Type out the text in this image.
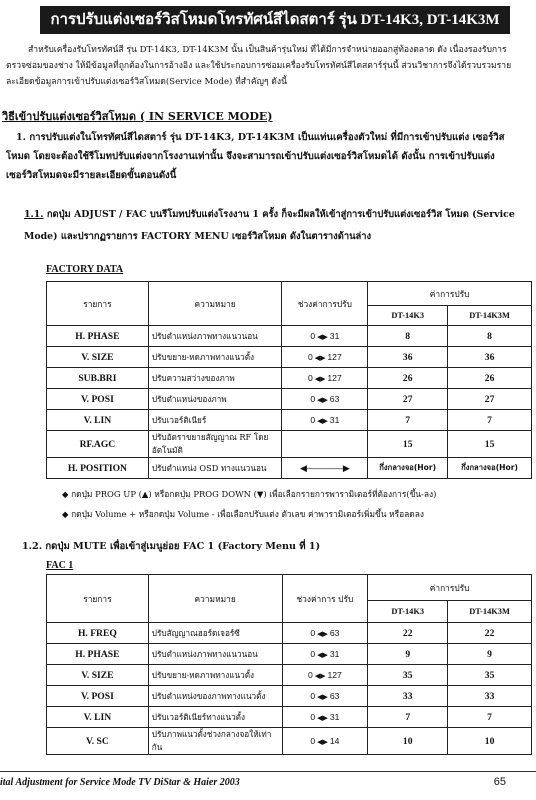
การปรับแต่งเซอร์วิสโหมดโทรทัศน์สีไดสตาร์ รุ่น DT-14K3, DT-14K3M
สำหรับเครื่องรับโทรทัศน์สี รุ่น DT-14K3, DT-14K3M นั้น เป็นสินค้ารุ่นใหม่ ที่ได้มีการจำหน่ายออกสู่ท้องตลาด ดัง เนื่องรองรับการตรวจซ่อมของช่าง ให้มีข้อมูลที่ถูกต้องในการอ้างอิง และใช้ประกอบการซ่อมเครื่องรับโทรทัศน์สีไดสตาร์รุ่นนี้ ส่วนวิชาการจึงได้รวบรวมรายละเอียดข้อมูลการเข้าปรับแต่งเซอร์วิสโหมด(Service Mode) ที่สำคัญๆ ดังนี้
วิธีเข้าปรับแต่งเซอร์วิสโหมด ( IN SERVICE MODE)
1. การปรับแต่งในโทรทัศน์สีไดสตาร์ รุ่น DT-14K3, DT-14K3M เป็นแท่นเครื่องตัวใหม่ ที่มีการเข้าปรับแต่ง เซอร์วิสโหมด โดยจะต้องใช้รีโมทปรับแต่งจากโรงงานเท่านั้น จึงจะสามารถเข้าปรับแต่งเซอร์วิสโหมดได้ ดังนั้น การเข้าปรับแต่งเซอร์วิสโหมดจะมีรายละเอียดขั้นตอนดังนี้
1.1. กดปุ่ม ADJUST / FAC บนรีโมทปรับแต่งโรงงาน 1 ครั้ง ก็จะมีผลให้เข้าสู่การเข้าปรับแต่งเซอร์วิส โหมด (Service Mode) และปรากฏรายการ FACTORY MENU เซอร์วิสโหมด ดังในตารางด้านล่าง
FACTORY DATA
รายการ	ความหมาย	ช่วงค่าการปรับ	ค่าการปรับ	
			DT-14K3	DT-14K3M
H. PHASE	ปรับตำแหน่งภาพทางแนวนอน	0 ◀▶ 31	8	8
V. SIZE	ปรับขยาย-หดภาพทางแนวตั้ง	0 ◀▶ 127	36	36
SUB.BRI	ปรับความสว่างของภาพ	0 ◀▶ 127	26	26
V. POSI	ปรับตำแหน่งของภาพ	0 ◀▶ 63	27	27
V. LIN	ปรับเวอร์ติเนียร์	0 ◀▶ 31	7	7
RF.AGC	ปรับอัตราขยายสัญญาณ RF โดยอัตโนมัติ		15	15
H. POSITION	ปรับตำแหน่ง OSD ทางแนวนอน	◀————▶	กึ่งกลางจอ(Hor)	กึ่งกลางจอ(Hor)
◆ กดปุ่ม PROG UP (▲) หรือกดปุ่ม PROG DOWN (▼) เพื่อเลือกรายการพารามิเตอร์ที่ต้องการ(ขึ้น-ลง)
◆ กดปุ่ม Volume + หรือกดปุ่ม Volume - เพื่อเลือกปรับแต่ง ตัวเลข ค่าพารามิเตอร์เพิ่มขึ้น หรือลดลง
1.2. กดปุ่ม MUTE เพื่อเข้าสู่เมนูย่อย FAC 1 (Factory Menu ที่ 1)
FAC 1
รายการ	ความหมาย	ช่วงค่าการ ปรับ	ค่าการปรับ	
			DT-14K3	DT-14K3M
H. FREQ	ปรับสัญญาณฮอร์ดเจอร์ซี	0 ◀▶ 63	22	22
H. PHASE	ปรับตำแหน่งภาพทางแนวนอน	0 ◀▶ 31	9	9
V. SIZE	ปรับขยาย-หดภาพทางแนวตั้ง	0 ◀▶ 127	35	35
V. POSI	ปรับตำแหน่งของภาพทางแนวตั้ง	0 ◀▶ 63	33	33
V. LIN	ปรับเวอร์ติเนียร์ทางแนวตั้ง	0 ◀▶ 31	7	7
V. SC	ปรับภาพแนวตั้งช่วงกลางจอให้เท่ากัน	0 ◀▶ 14	10	10
ital Adjustment for Service Mode TV DiStar & Haier 2003	65
